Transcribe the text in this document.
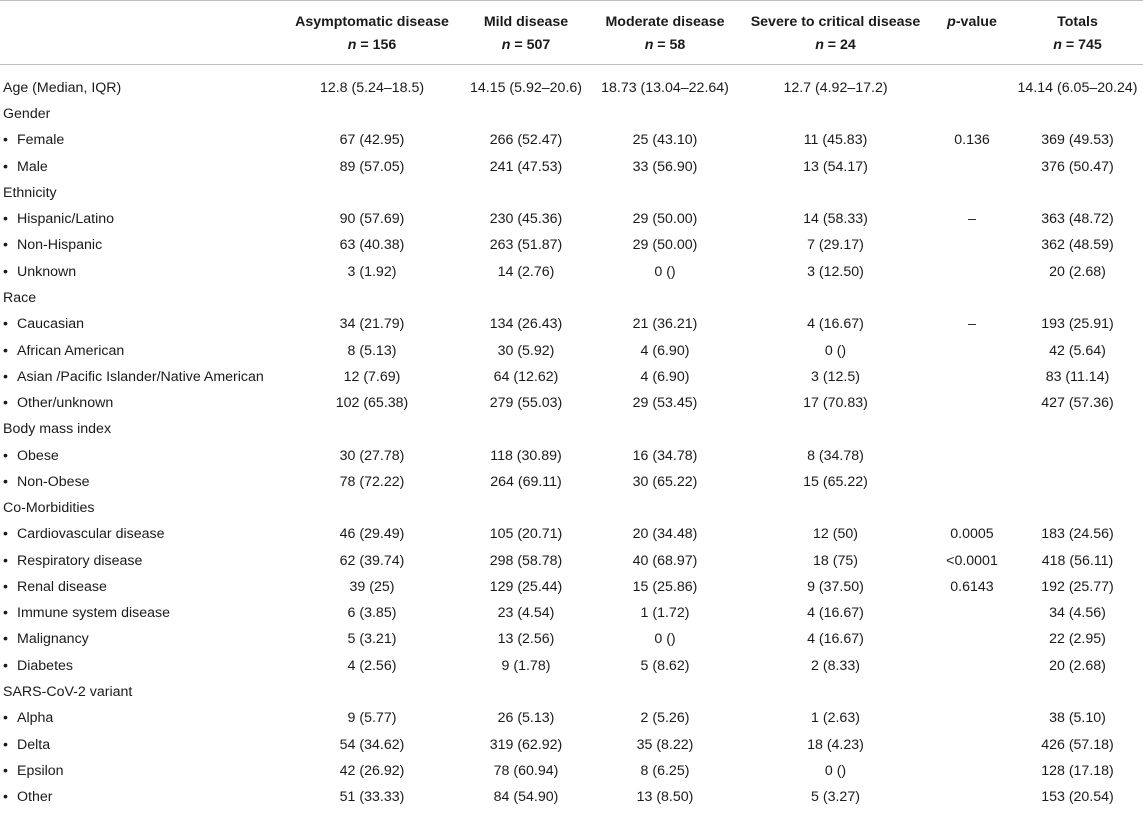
	Asymptomatic disease	Mild disease	Moderate disease	Severe to critical disease	p-value	Totals
	n = 156	n = 507	n = 58	n = 24		n = 745
Age (Median, IQR)	12.8 (5.24–18.5)	14.15 (5.92–20.6)	18.73 (13.04–22.64)	12.7 (4.92–17.2)		14.14 (6.05–20.24)
Gender						
• Female	67 (42.95)	266 (52.47)	25 (43.10)	11 (45.83)	0.136	369 (49.53)
• Male	89 (57.05)	241 (47.53)	33 (56.90)	13 (54.17)		376 (50.47)
Ethnicity						
• Hispanic/Latino	90 (57.69)	230 (45.36)	29 (50.00)	14 (58.33)	–	363 (48.72)
• Non-Hispanic	63 (40.38)	263 (51.87)	29 (50.00)	7 (29.17)		362 (48.59)
• Unknown	3 (1.92)	14 (2.76)	0 ()	3 (12.50)		20 (2.68)
Race						
• Caucasian	34 (21.79)	134 (26.43)	21 (36.21)	4 (16.67)	–	193 (25.91)
• African American	8 (5.13)	30 (5.92)	4 (6.90)	0 ()		42 (5.64)
• Asian /Pacific Islander/Native American	12 (7.69)	64 (12.62)	4 (6.90)	3 (12.5)		83 (11.14)
• Other/unknown	102 (65.38)	279 (55.03)	29 (53.45)	17 (70.83)		427 (57.36)
Body mass index						
• Obese	30 (27.78)	118 (30.89)	16 (34.78)	8 (34.78)		
• Non-Obese	78 (72.22)	264 (69.11)	30 (65.22)	15 (65.22)		
Co-Morbidities						
• Cardiovascular disease	46 (29.49)	105 (20.71)	20 (34.48)	12 (50)	0.0005	183 (24.56)
• Respiratory disease	62 (39.74)	298 (58.78)	40 (68.97)	18 (75)	<0.0001	418 (56.11)
• Renal disease	39 (25)	129 (25.44)	15 (25.86)	9 (37.50)	0.6143	192 (25.77)
• Immune system disease	6 (3.85)	23 (4.54)	1 (1.72)	4 (16.67)		34 (4.56)
• Malignancy	5 (3.21)	13 (2.56)	0 ()	4 (16.67)		22 (2.95)
• Diabetes	4 (2.56)	9 (1.78)	5 (8.62)	2 (8.33)		20 (2.68)
SARS-CoV-2 variant						
• Alpha	9 (5.77)	26 (5.13)	2 (5.26)	1 (2.63)		38 (5.10)
• Delta	54 (34.62)	319 (62.92)	35 (8.22)	18 (4.23)		426 (57.18)
• Epsilon	42 (26.92)	78 (60.94)	8 (6.25)	0 ()		128 (17.18)
• Other	51 (33.33)	84 (54.90)	13 (8.50)	5 (3.27)		153 (20.54)
